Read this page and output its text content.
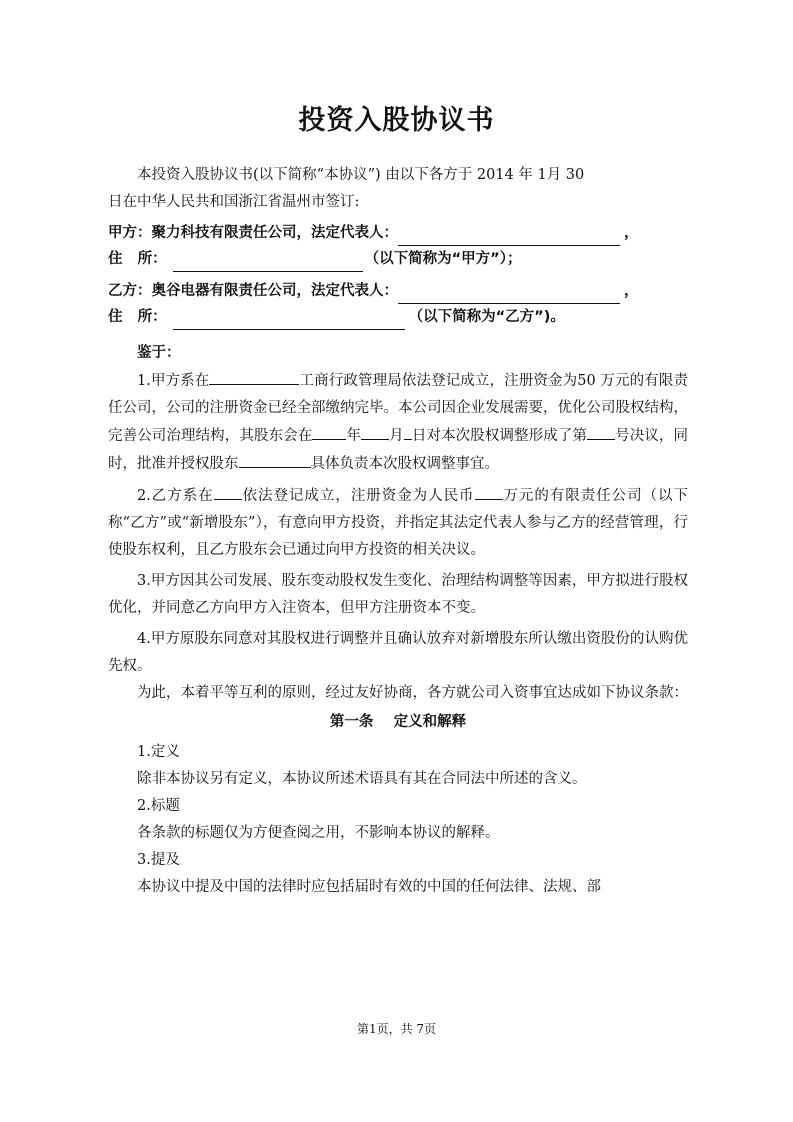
投资入股协议书

本投资入股协议书(以下简称“本协议”) 由以下各方于 2014 年 1月 30

日在中华人民共和国浙江省温州市签订:

甲方：聚力科技有限责任公司，法定代表人：	，
住   所：	（以下简称为“甲方”）；
乙方：奥谷电器有限责任公司，法定代表人：	，
住   所：	（以下简称为“乙方”)。

鉴于：

1.甲方系在	工商行政管理局依法登记成立，注册资金为50 万元的有限责任公司，公司的注册资金已经全部缴纳完毕。本公司因企业发展需要，优化公司股权结构，完善公司治理结构，其股东会在 年 月 日对本次股权调整形成了第 号决议，同时，批准并授权股东	具体负责本次股权调整事宜。

2.乙方系在 依法登记成立，注册资金为人民币 万元的有限责任公司（以下称“乙方”或“新增股东”），有意向甲方投资，并指定其法定代表人参与乙方的经营管理，行使股东权利，且乙方股东会已通过向甲方投资的相关决议。

3.甲方因其公司发展、股东变动股权发生变化、治理结构调整等因素，甲方拟进行股权优化，并同意乙方向甲方入注资本，但甲方注册资本不变。

4.甲方原股东同意对其股权进行调整并且确认放弃对新增股东所认缴出资股份的认购优先权。

为此，本着平等互利的原则，经过友好协商，各方就公司入资事宜达成如下协议条款：

第一条    定义和解释

1.定义

除非本协议另有定义，本协议所述术语具有其在合同法中所述的含义。

2.标题

各条款的标题仅为方便查阅之用，不影响本协议的解释。

3.提及

本协议中提及中国的法律时应包括届时有效的中国的任何法律、法规、部

第1页，共 7页
